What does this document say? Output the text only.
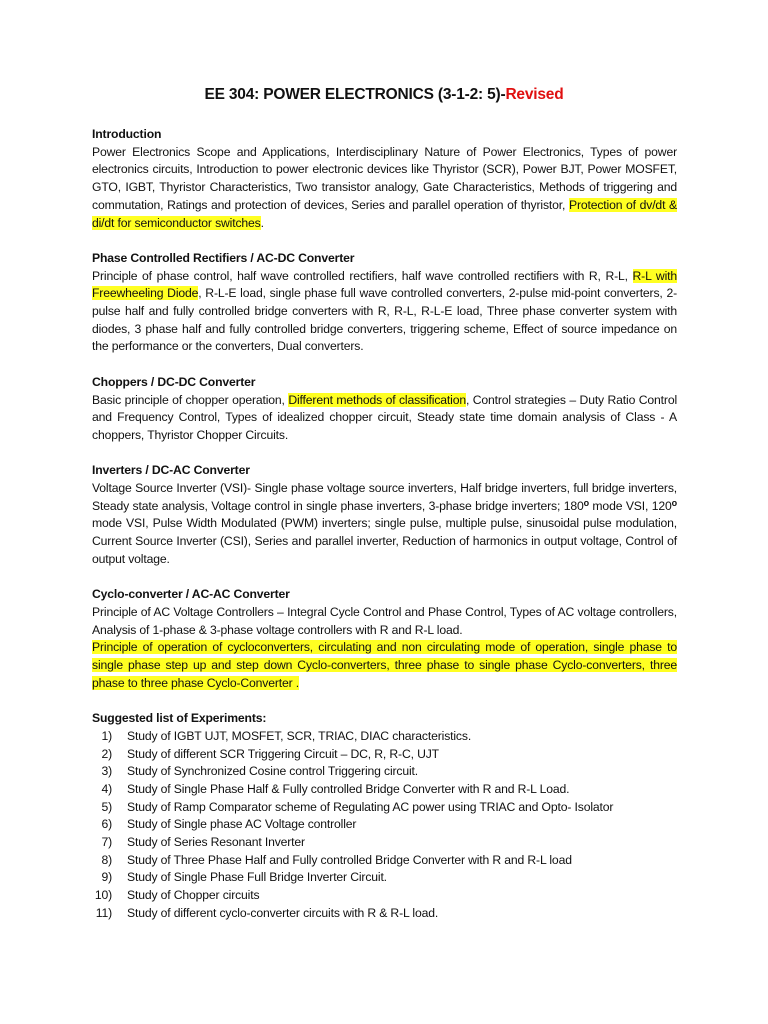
EE 304: POWER ELECTRONICS (3-1-2: 5)-Revised
Introduction
Power Electronics Scope and Applications, Interdisciplinary Nature of Power Electronics, Types of power electronics circuits, Introduction to power electronic devices like Thyristor (SCR), Power BJT, Power MOSFET, GTO, IGBT, Thyristor Characteristics, Two transistor analogy, Gate Characteristics, Methods of triggering and commutation, Ratings and protection of devices, Series and parallel operation of thyristor, Protection of dv/dt & di/dt for semiconductor switches.
Phase Controlled Rectifiers / AC-DC Converter
Principle of phase control, half wave controlled rectifiers, half wave controlled rectifiers with R, R-L, R-L with Freewheeling Diode, R-L-E load, single phase full wave controlled converters, 2-pulse mid-point converters, 2-pulse half and fully controlled bridge converters with R, R-L, R-L-E load, Three phase converter system with diodes, 3 phase half and fully controlled bridge converters, triggering scheme, Effect of source impedance on the performance or the converters, Dual converters.
Choppers / DC-DC Converter
Basic principle of chopper operation, Different methods of classification, Control strategies – Duty Ratio Control and Frequency Control, Types of idealized chopper circuit, Steady state time domain analysis of Class - A choppers, Thyristor Chopper Circuits.
Inverters / DC-AC Converter
Voltage Source Inverter (VSI)- Single phase voltage source inverters, Half bridge inverters, full bridge inverters, Steady state analysis, Voltage control in single phase inverters, 3-phase bridge inverters; 180$^o$ mode VSI, 120$^o$ mode VSI, Pulse Width Modulated (PWM) inverters; single pulse, multiple pulse, sinusoidal pulse modulation, Current Source Inverter (CSI), Series and parallel inverter, Reduction of harmonics in output voltage, Control of output voltage.
Cyclo-converter / AC-AC Converter
Principle of AC Voltage Controllers – Integral Cycle Control and Phase Control, Types of AC voltage controllers, Analysis of 1-phase & 3-phase voltage controllers with R and R-L load.
Principle of operation of cycloconverters, circulating and non circulating mode of operation, single phase to single phase step up and step down Cyclo-converters, three phase to single phase Cyclo-converters, three phase to three phase Cyclo-Converter .
Suggested list of Experiments:
1)	Study of IGBT UJT, MOSFET, SCR, TRIAC, DIAC characteristics.
2)	Study of different SCR Triggering Circuit – DC, R, R-C, UJT
3)	Study of Synchronized Cosine control Triggering circuit.
4)	Study of Single Phase Half & Fully controlled Bridge Converter with R and R-L Load.
5)	Study of Ramp Comparator scheme of Regulating AC power using TRIAC and Opto- Isolator
6)	Study of Single phase AC Voltage controller
7)	Study of Series Resonant Inverter
8)	Study of Three Phase Half and Fully controlled Bridge Converter with R and R-L load
9)	Study of Single Phase Full Bridge Inverter Circuit.
10)	Study of Chopper circuits
11)	Study of different cyclo-converter circuits with R & R-L load.
